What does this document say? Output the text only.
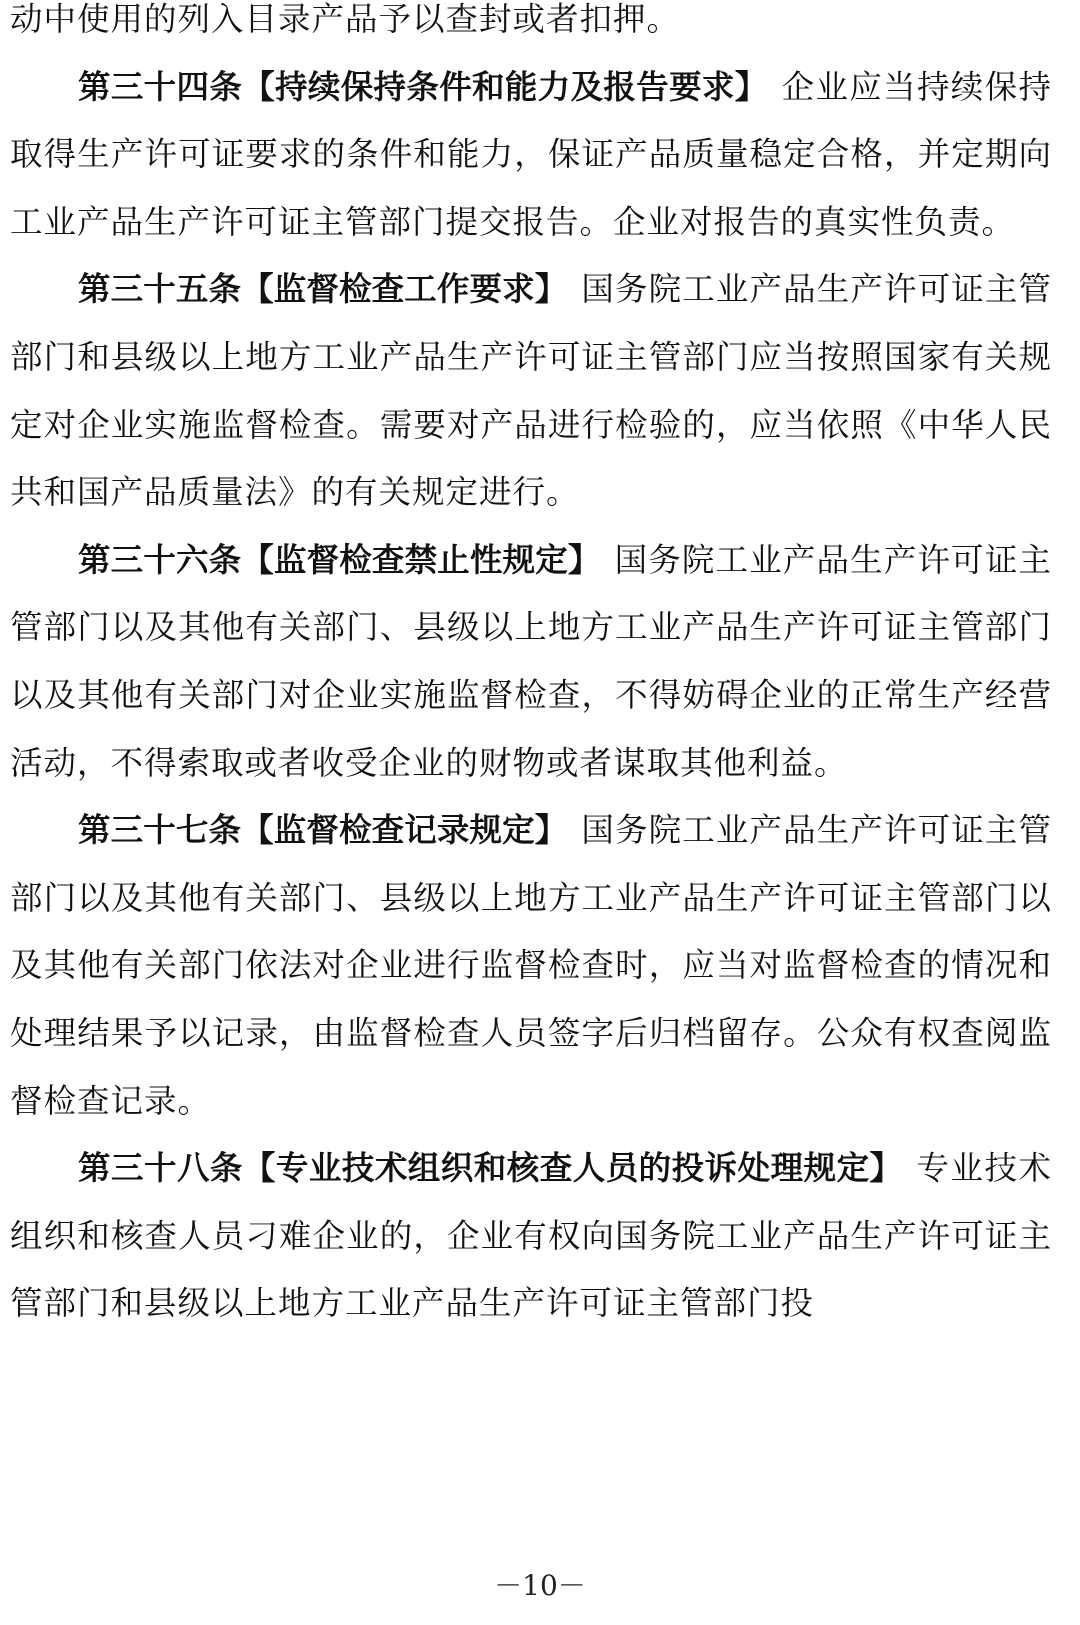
动中使用的列入目录产品予以查封或者扣押。

第三十四条【持续保持条件和能力及报告要求】 企业应当持续保持取得生产许可证要求的条件和能力，保证产品质量稳定合格，并定期向工业产品生产许可证主管部门提交报告。企业对报告的真实性负责。

第三十五条【监督检查工作要求】 国务院工业产品生产许可证主管部门和县级以上地方工业产品生产许可证主管部门应当按照国家有关规定对企业实施监督检查。需要对产品进行检验的，应当依照《中华人民共和国产品质量法》的有关规定进行。

第三十六条【监督检查禁止性规定】 国务院工业产品生产许可证主管部门以及其他有关部门、县级以上地方工业产品生产许可证主管部门以及其他有关部门对企业实施监督检查，不得妨碍企业的正常生产经营活动，不得索取或者收受企业的财物或者谋取其他利益。

第三十七条【监督检查记录规定】 国务院工业产品生产许可证主管部门以及其他有关部门、县级以上地方工业产品生产许可证主管部门以及其他有关部门依法对企业进行监督检查时，应当对监督检查的情况和处理结果予以记录，由监督检查人员签字后归档留存。公众有权查阅监督检查记录。

第三十八条【专业技术组织和核查人员的投诉处理规定】 专业技术组织和核查人员刁难企业的，企业有权向国务院工业产品生产许可证主管部门和县级以上地方工业产品生产许可证主管部门投

－10－
